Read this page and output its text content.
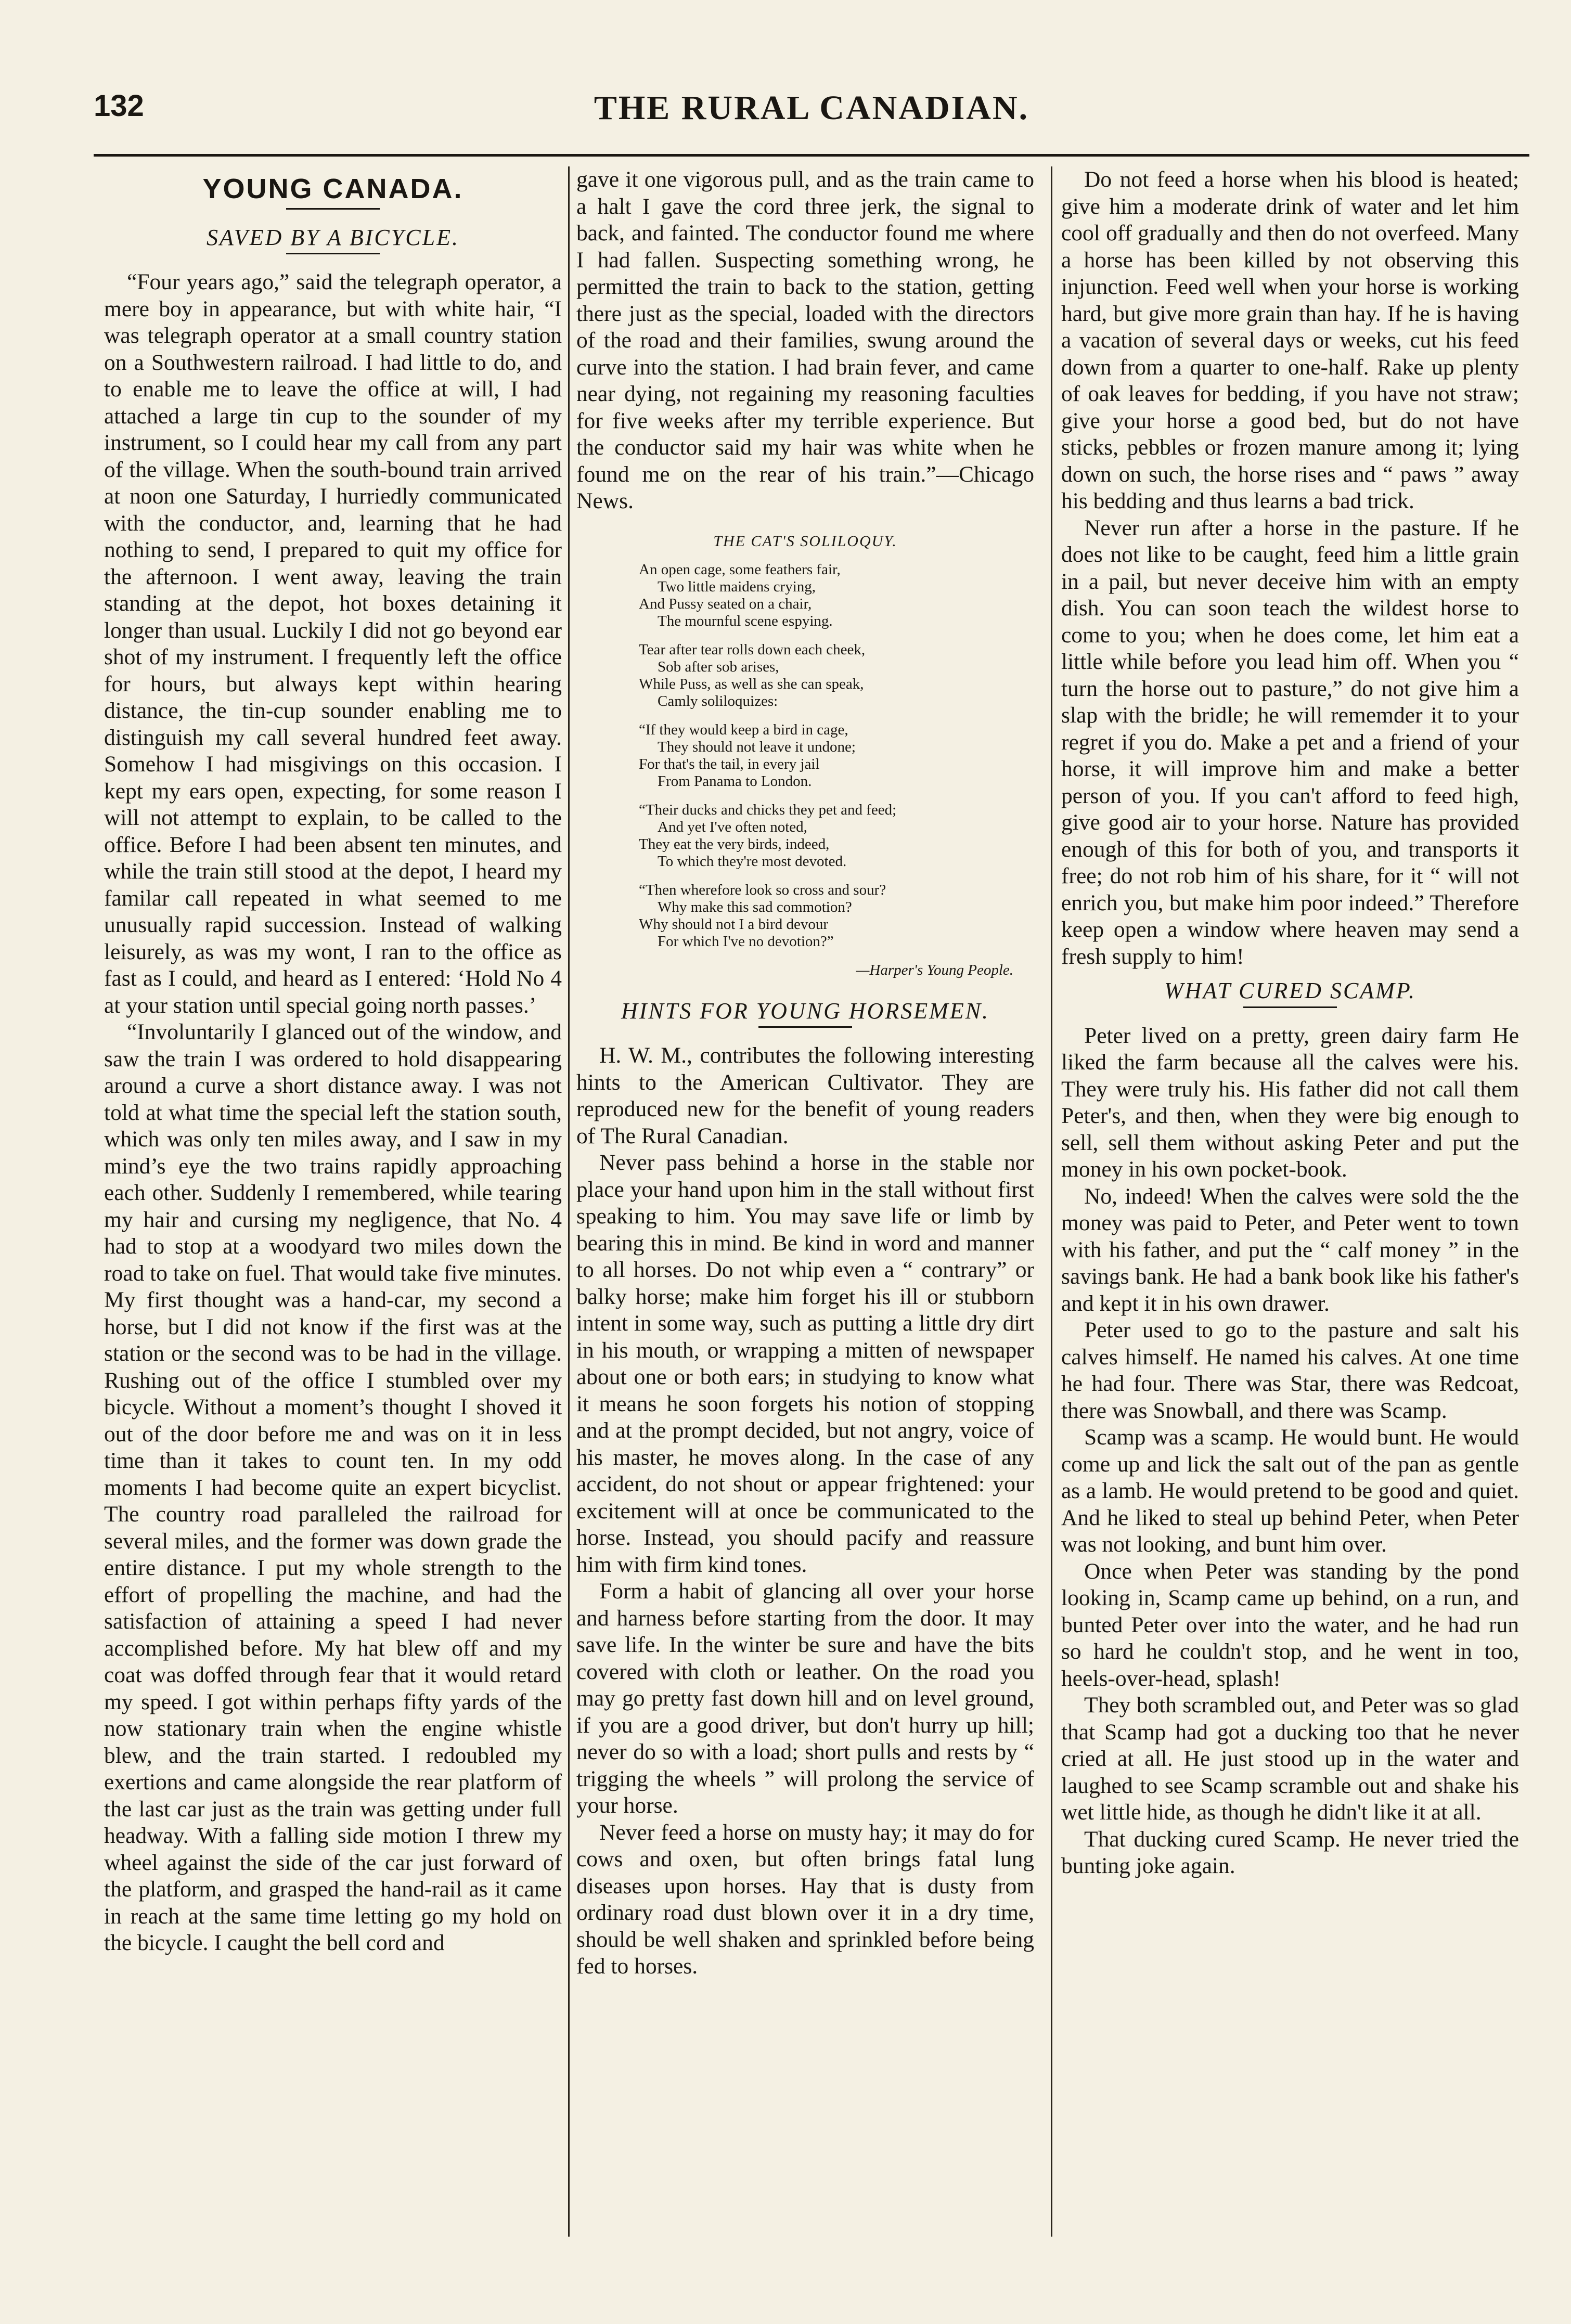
132	THE RURAL CANADIAN.
YOUNG CANADA.
SAVED BY A BICYCLE.

“Four years ago,” said the telegraph operator, a mere boy in appearance, but with white hair, “I was telegraph operator at a small country station on a Southwestern railroad. I had little to do, and to enable me to leave the office at will, I had attached a large tin cup to the sounder of my instrument, so I could hear my call from any part of the village. When the south-bound train arrived at noon one Saturday, I hurriedly communicated with the conductor, and, learning that he had nothing to send, I prepared to quit my office for the afternoon. I went away, leaving the train standing at the depot, hot boxes detaining it longer than usual. Luckily I did not go beyond ear shot of my instrument. I frequently left the office for hours, but always kept within hearing distance, the tin-cup sounder enabling me to distinguish my call several hundred feet away. Somehow I had misgivings on this occasion. I kept my ears open, expecting, for some reason I will not attempt to explain, to be called to the office. Before I had been absent ten minutes, and while the train still stood at the depot, I heard my familar call repeated in what seemed to me unusually rapid succession. Instead of walking leisurely, as was my wont, I ran to the office as fast as I could, and heard as I entered: ‘Hold No 4 at your station until special going north passes.’

“Involuntarily I glanced out of the window, and saw the train I was ordered to hold disappearing around a curve a short distance away. I was not told at what time the special left the station south, which was only ten miles away, and I saw in my mind’s eye the two trains rapidly approaching each other. Suddenly I remembered, while tearing my hair and cursing my negligence, that No. 4 had to stop at a woodyard two miles down the road to take on fuel. That would take five minutes. My first thought was a hand-car, my second a horse, but I did not know if the first was at the station or the second was to be had in the village. Rushing out of the office I stumbled over my bicycle. Without a moment’s thought I shoved it out of the door before me and was on it in less time than it takes to count ten. In my odd moments I had become quite an expert bicyclist. The country road paralleled the railroad for several miles, and the former was down grade the entire distance. I put my whole strength to the effort of propelling the machine, and had the satisfaction of attaining a speed I had never accomplished before. My hat blew off and my coat was doffed through fear that it would retard my speed. I got within perhaps fifty yards of the now stationary train when the engine whistle blew, and the train started. I redoubled my exertions and came alongside the rear platform of the last car just as the train was getting under full headway. With a falling side motion I threw my wheel against the side of the car just forward of the platform, and grasped the hand-rail as it came in reach at the same time letting go my hold on the bicycle. I caught the bell cord and

gave it one vigorous pull, and as the train came to a halt I gave the cord three jerk, the signal to back, and fainted. The conductor found me where I had fallen. Suspecting something wrong, he permitted the train to back to the station, getting there just as the special, loaded with the directors of the road and their families, swung around the curve into the station. I had brain fever, and came near dying, not regaining my reasoning faculties for five weeks after my terrible experience. But the conductor said my hair was white when he found me on the rear of his train.”—Chicago News.

THE CAT'S SOLILOQUY.
An open cage, some feathers fair,
Two little maidens crying,
And Pussy seated on a chair,
The mournful scene espying.
Tear after tear rolls down each cheek,
Sob after sob arises,
While Puss, as well as she can speak,
Camly soliloquizes:
“If they would keep a bird in cage,
They should not leave it undone;
For that's the tail, in every jail
From Panama to London.
“Their ducks and chicks they pet and feed;
And yet I've often noted,
They eat the very birds, indeed,
To which they're most devoted.
“Then wherefore look so cross and sour?
Why make this sad commotion?
Why should not I a bird devour
For which I've no devotion?”
—Harper's Young People.
HINTS FOR YOUNG HORSEMEN.

H. W. M., contributes the following interesting hints to the American Cultivator. They are reproduced new for the benefit of young readers of The Rural Canadian.

Never pass behind a horse in the stable nor place your hand upon him in the stall without first speaking to him. You may save life or limb by bearing this in mind. Be kind in word and manner to all horses. Do not whip even a “ contrary” or balky horse; make him forget his ill or stubborn intent in some way, such as putting a little dry dirt in his mouth, or wrapping a mitten of newspaper about one or both ears; in studying to know what it means he soon forgets his notion of stopping and at the prompt decided, but not angry, voice of his master, he moves along. In the case of any accident, do not shout or appear frightened: your excitement will at once be communicated to the horse. Instead, you should pacify and reassure him with firm kind tones.

Form a habit of glancing all over your horse and harness before starting from the door. It may save life. In the winter be sure and have the bits covered with cloth or leather. On the road you may go pretty fast down hill and on level ground, if you are a good driver, but don't hurry up hill; never do so with a load; short pulls and rests by “ trigging the wheels ” will prolong the service of your horse.

Never feed a horse on musty hay; it may do for cows and oxen, but often brings fatal lung diseases upon horses. Hay that is dusty from ordinary road dust blown over it in a dry time, should be well shaken and sprinkled before being fed to horses.

Do not feed a horse when his blood is heated; give him a moderate drink of water and let him cool off gradually and then do not overfeed. Many a horse has been killed by not observing this injunction. Feed well when your horse is working hard, but give more grain than hay. If he is having a vacation of several days or weeks, cut his feed down from a quarter to one-half. Rake up plenty of oak leaves for bedding, if you have not straw; give your horse a good bed, but do not have sticks, pebbles or frozen manure among it; lying down on such, the horse rises and “ paws ” away his bedding and thus learns a bad trick.

Never run after a horse in the pasture. If he does not like to be caught, feed him a little grain in a pail, but never deceive him with an empty dish. You can soon teach the wildest horse to come to you; when he does come, let him eat a little while before you lead him off. When you “ turn the horse out to pasture,” do not give him a slap with the bridle; he will rememder it to your regret if you do. Make a pet and a friend of your horse, it will improve him and make a better person of you. If you can't afford to feed high, give good air to your horse. Nature has provided enough of this for both of you, and transports it free; do not rob him of his share, for it “ will not enrich you, but make him poor indeed.” Therefore keep open a window where heaven may send a fresh supply to him!

WHAT CURED SCAMP.

Peter lived on a pretty, green dairy farm He liked the farm because all the calves were his. They were truly his. His father did not call them Peter's, and then, when they were big enough to sell, sell them without asking Peter and put the money in his own pocket-book.

No, indeed! When the calves were sold the the money was paid to Peter, and Peter went to town with his father, and put the “ calf money ” in the savings bank. He had a bank book like his father's and kept it in his own drawer.

Peter used to go to the pasture and salt his calves himself. He named his calves. At one time he had four. There was Star, there was Redcoat, there was Snowball, and there was Scamp.

Scamp was a scamp. He would bunt. He would come up and lick the salt out of the pan as gentle as a lamb. He would pretend to be good and quiet. And he liked to steal up behind Peter, when Peter was not looking, and bunt him over.

Once when Peter was standing by the pond looking in, Scamp came up behind, on a run, and bunted Peter over into the water, and he had run so hard he couldn't stop, and he went in too, heels-over-head, splash!

They both scrambled out, and Peter was so glad that Scamp had got a ducking too that he never cried at all. He just stood up in the water and laughed to see Scamp scramble out and shake his wet little hide, as though he didn't like it at all.

That ducking cured Scamp. He never tried the bunting joke again.
